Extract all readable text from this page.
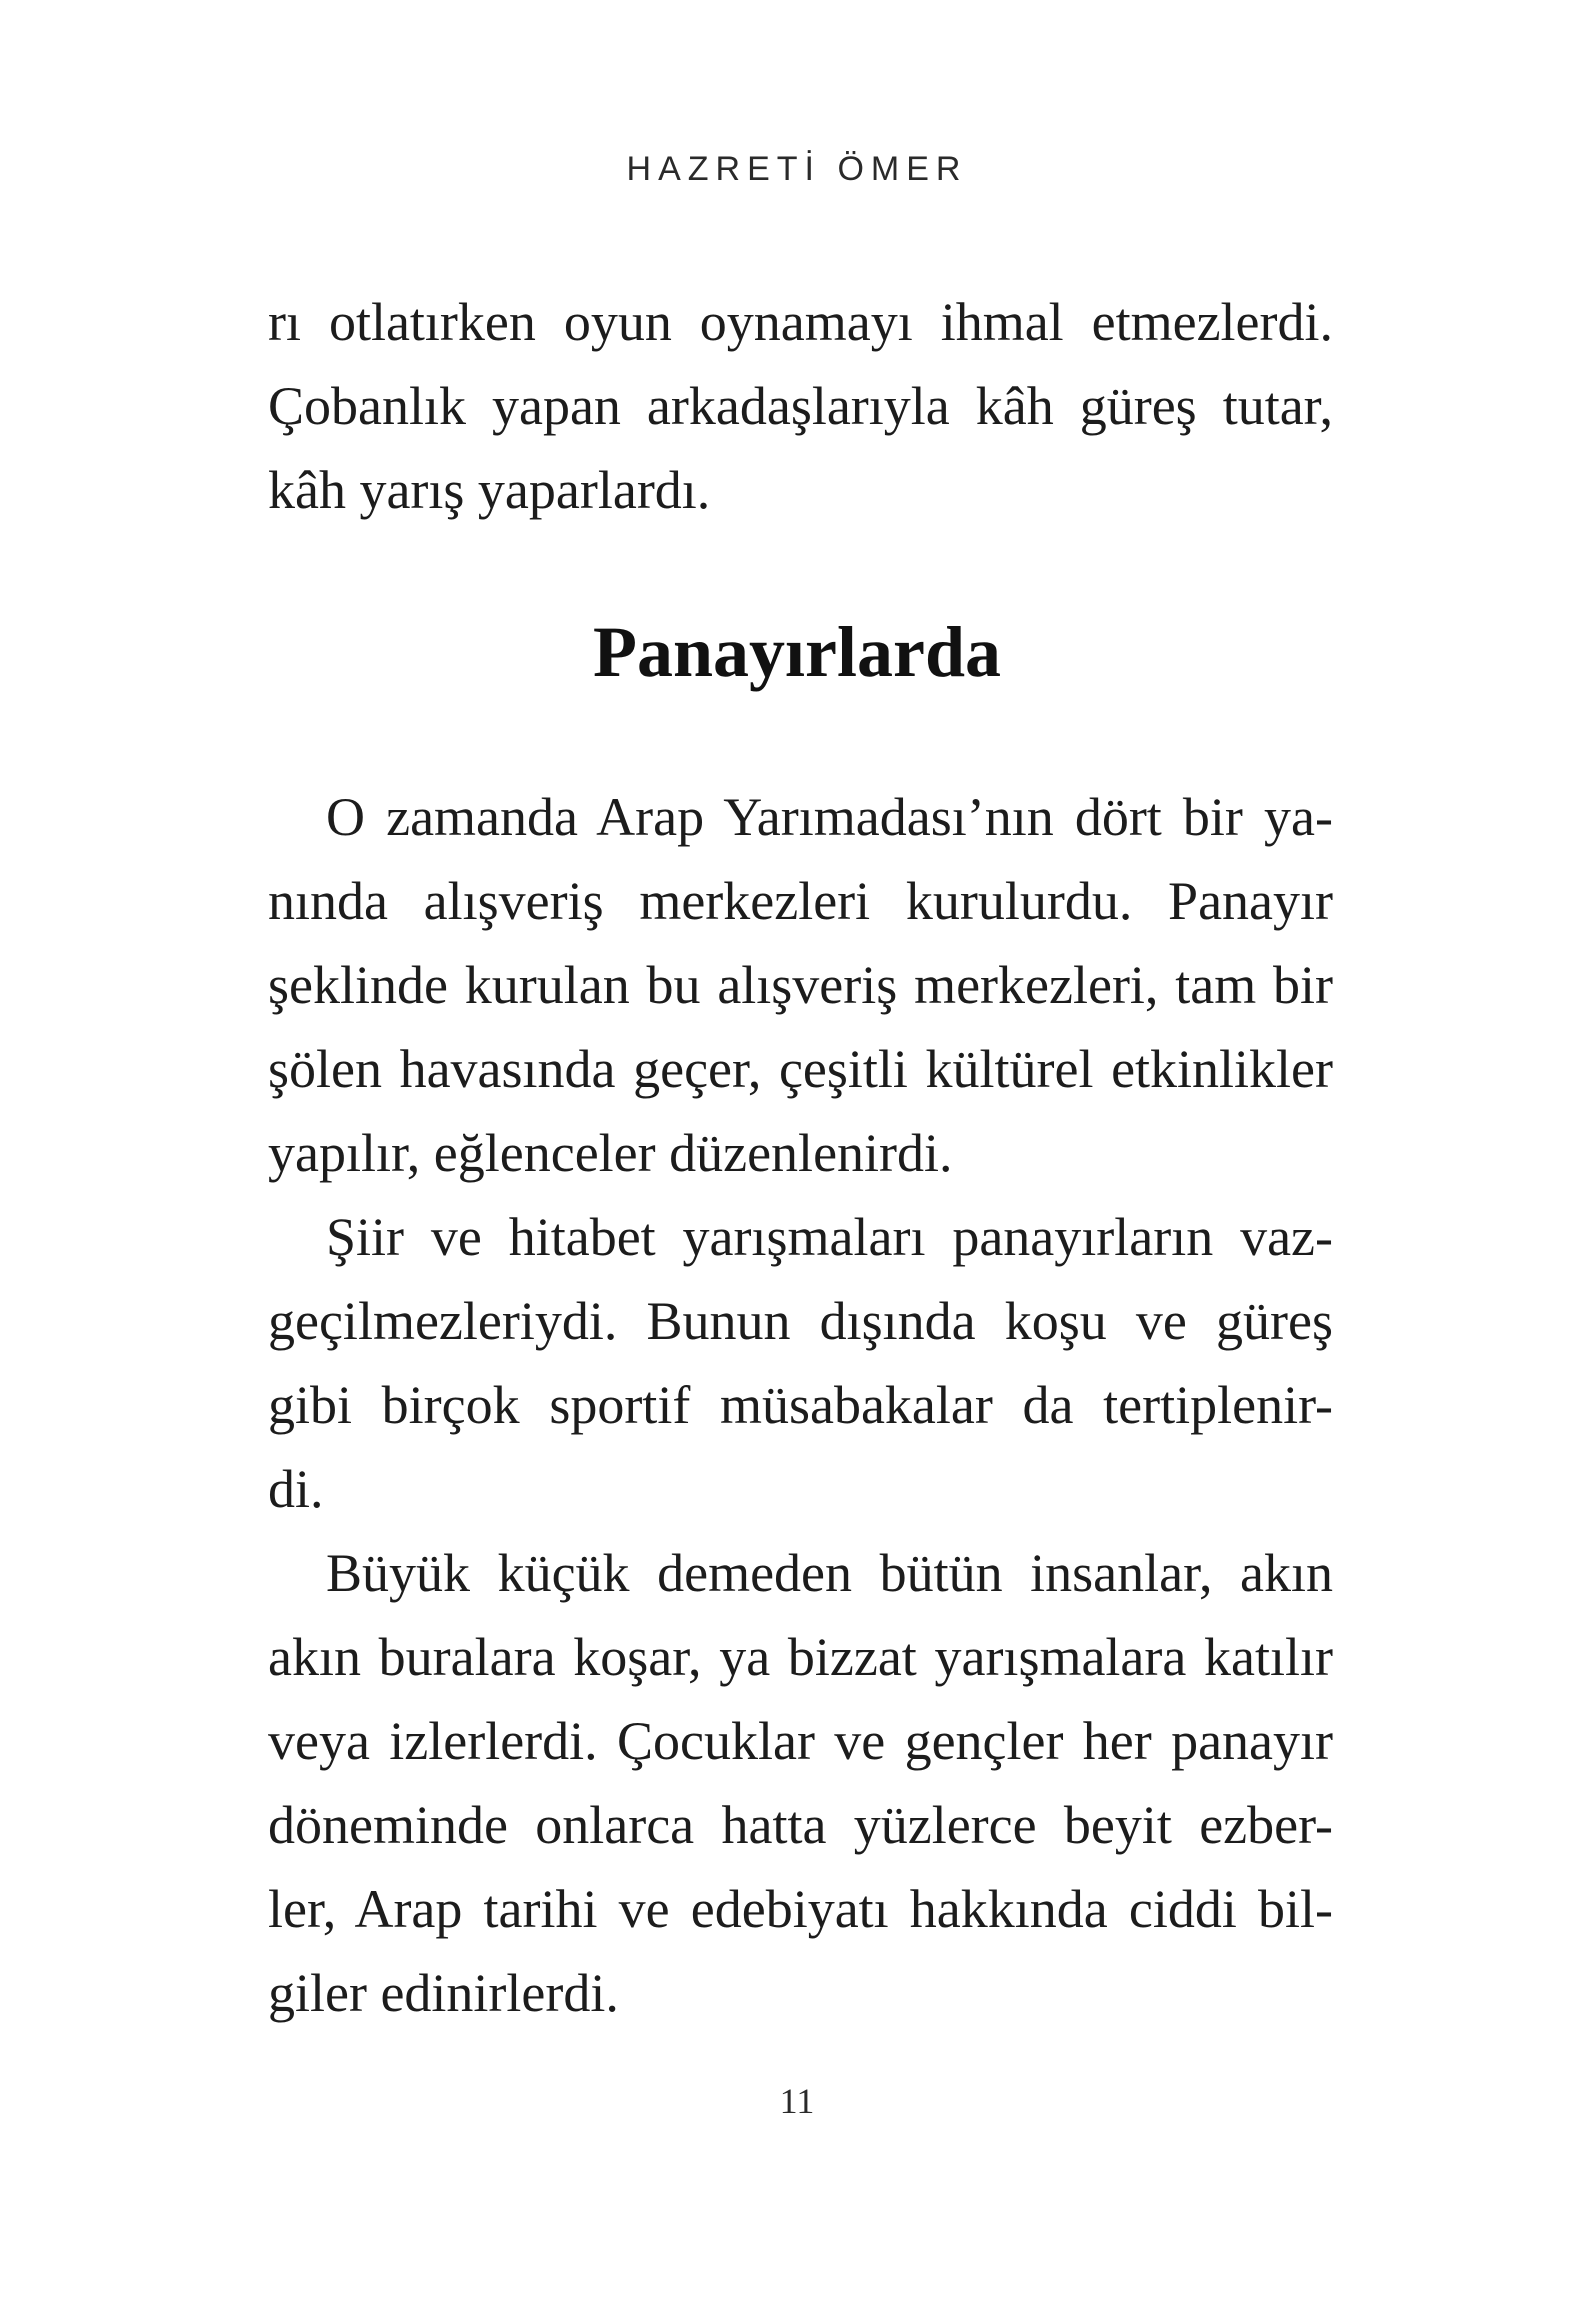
HAZRETİ ÖMER
rı otlatırken oyun oynamayı ihmal etmezlerdi.
Çobanlık yapan arkadaşlarıyla kâh güreş tutar,
kâh yarış yaparlardı.
Panayırlarda
O zamanda Arap Yarımadası’nın dört bir ya-
nında alışveriş merkezleri kurulurdu. Panayır
şeklinde kurulan bu alışveriş merkezleri, tam bir
şölen havasında geçer, çeşitli kültürel etkinlikler
yapılır, eğlenceler düzenlenirdi.
Şiir ve hitabet yarışmaları panayırların vaz-
geçilmezleriydi. Bunun dışında koşu ve güreş
gibi birçok sportif müsabakalar da tertiplenir-
di.
Büyük küçük demeden bütün insanlar, akın
akın buralara koşar, ya bizzat yarışmalara katılır
veya izlerlerdi. Çocuklar ve gençler her panayır
döneminde onlarca hatta yüzlerce beyit ezber-
ler, Arap tarihi ve edebiyatı hakkında ciddi bil-
giler edinirlerdi.
11
